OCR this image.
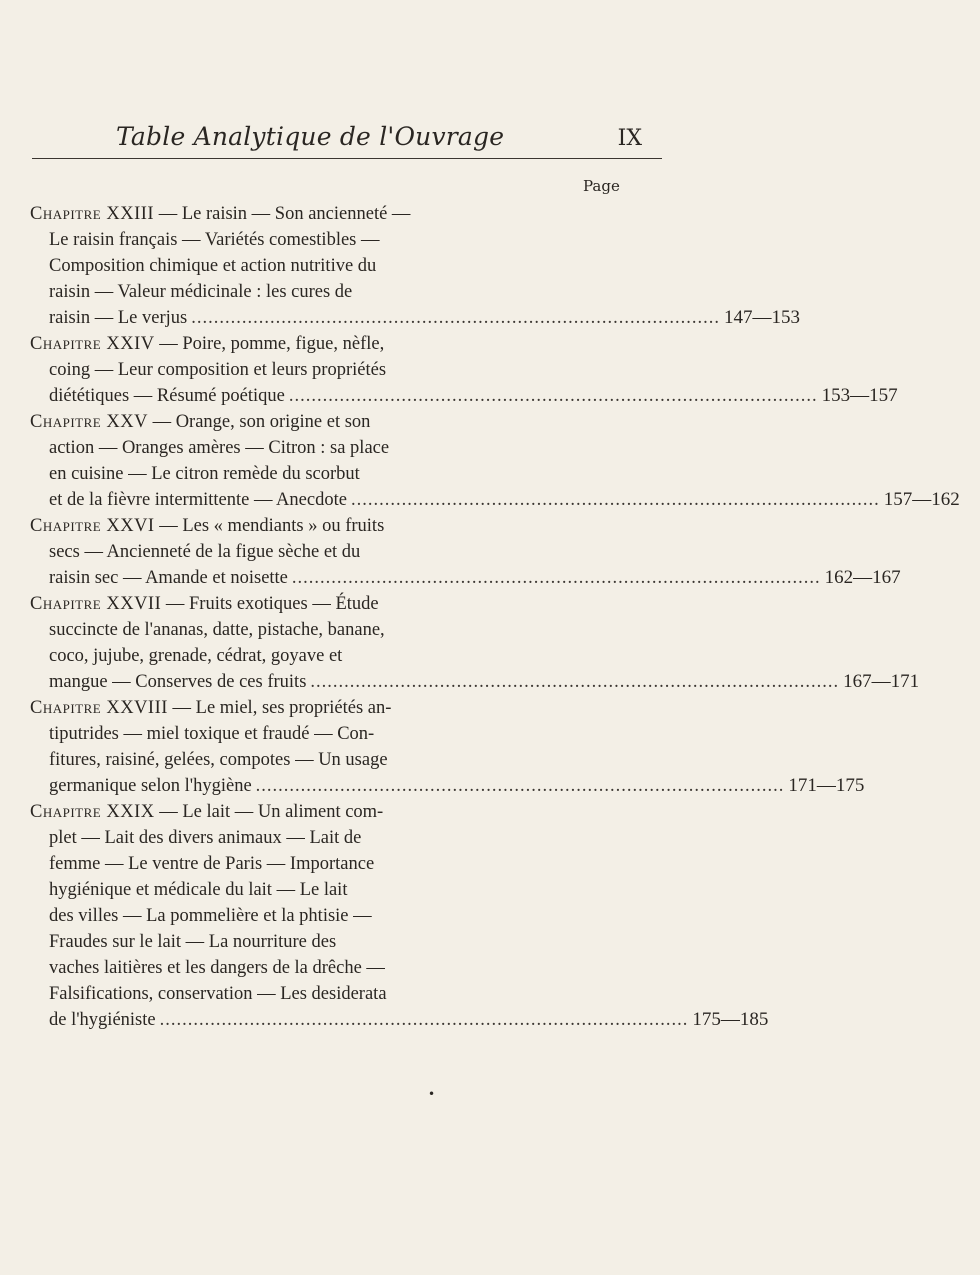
Table Analytique de l'Ouvrage	IX
Page
Chapitre XXIII — Le raisin — Son ancienneté —
Le raisin français — Variétés comestibles —
Composition chimique et action nutritive du
raisin — Valeur médicinale : les cures de
raisin — Le verjus .............................................................................................. 147—153
Chapitre XXIV — Poire, pomme, figue, nèfle,
coing — Leur composition et leurs propriétés
diététiques — Résumé poétique .............................................................................................. 153—157
Chapitre XXV — Orange, son origine et son
action — Oranges amères — Citron : sa place
en cuisine — Le citron remède du scorbut
et de la fièvre intermittente — Anecdote .............................................................................................. 157—162
Chapitre XXVI — Les « mendiants » ou fruits
secs — Ancienneté de la figue sèche et du
raisin sec — Amande et noisette .............................................................................................. 162—167
Chapitre XXVII — Fruits exotiques — Étude
succincte de l'ananas, datte, pistache, banane,
coco, jujube, grenade, cédrat, goyave et
mangue — Conserves de ces fruits .............................................................................................. 167—171
Chapitre XXVIII — Le miel, ses propriétés an-
tiputrides — miel toxique et fraudé — Con-
fitures, raisiné, gelées, compotes — Un usage
germanique selon l'hygiène .............................................................................................. 171—175
Chapitre XXIX — Le lait — Un aliment com-
plet — Lait des divers animaux — Lait de
femme — Le ventre de Paris — Importance
hygiénique et médicale du lait — Le lait
des villes — La pommelière et la phtisie —
Fraudes sur le lait — La nourriture des
vaches laitières et les dangers de la drêche —
Falsifications, conservation — Les desiderata
de l'hygiéniste .............................................................................................. 175—185
•
